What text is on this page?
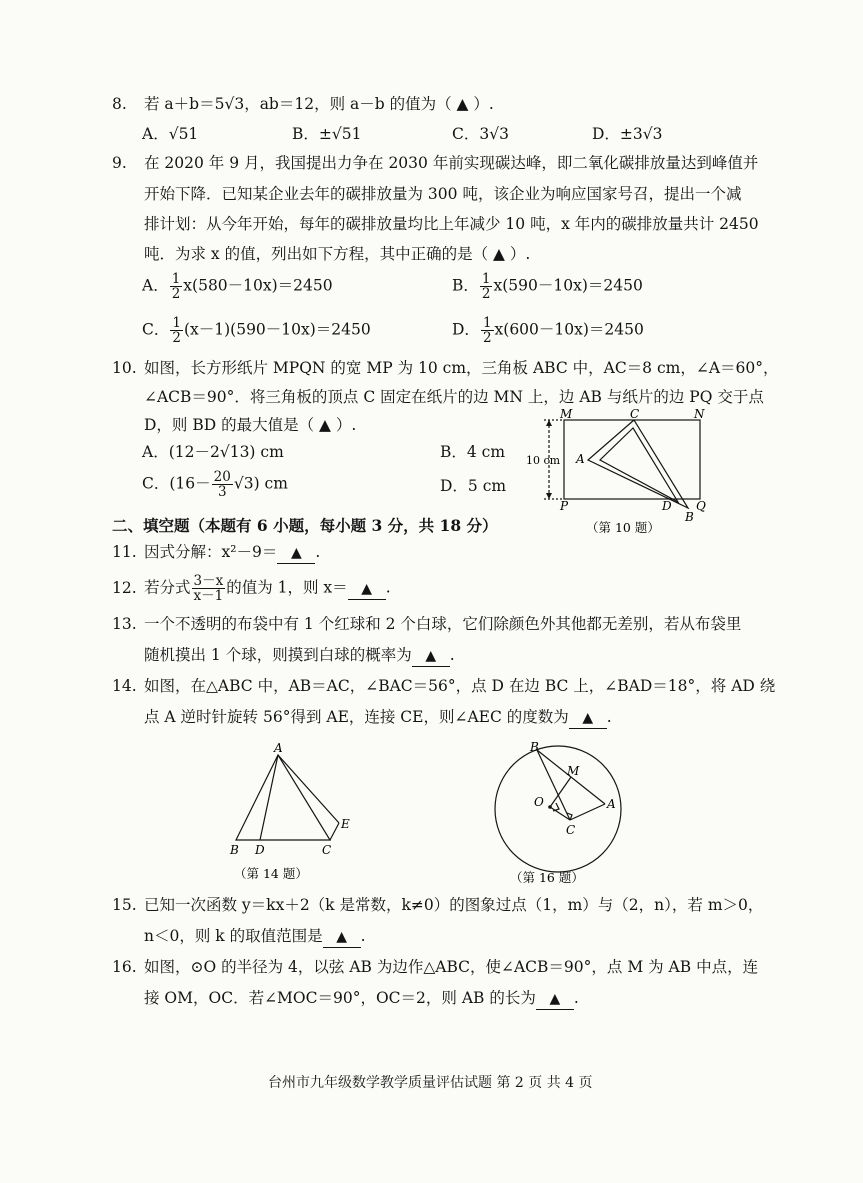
8. 若 a＋b＝5√3，ab＝12，则 a－b 的值为（ ▲ ）.
A．√51	B．±√51	C．3√3	D．±3√3
9. 在 2020 年 9 月，我国提出力争在 2030 年前实现碳达峰，即二氧化碳排放量达到峰值并
开始下降．已知某企业去年的碳排放量为 300 吨，该企业为响应国家号召，提出一个减
排计划：从今年开始，每年的碳排放量均比上年减少 10 吨，x 年内的碳排放量共计 2450
吨．为求 x 的值，列出如下方程，其中正确的是（ ▲ ）.
A． $\frac{1}{2} x(580-10x)=2450$	B． $\frac{1}{2} x(590-10x)=2450$
C． $\frac{1}{2} (x-1)(590-10x)=2450$	D． $\frac{1}{2} x(600-10x)=2450$
10. 如图，长方形纸片 MPQN 的宽 MP 为 10 cm，三角板 ABC 中，AC＝8 cm，∠A＝60°，
∠ACB＝90°．将三角板的顶点 C 固定在纸片的边 MN 上，边 AB 与纸片的边 PQ 交于点
D，则 BD 的最大值是（ ▲ ）.
A．(12－2√13) cm	B．4 cm
C．$(16- \frac{20}{3} √3)$ cm	D．5 cm
M	C	N
A
10 cm
P	D Q
B
（第 10 题）
二、填空题（本题有 6 小题，每小题 3 分，共 18 分）
11. 因式分解：x²－9＝ ▲ .
12. 若分式 $\frac{3-x}{x-1}$ 的值为 1，则 x＝ ▲ .
13. 一个不透明的布袋中有 1 个红球和 2 个白球，它们除颜色外其他都无差别，若从布袋里
随机摸出 1 个球，则摸到白球的概率为 ▲ .
14. 如图，在△ABC 中，AB＝AC，∠BAC＝56°，点 D 在边 BC 上，∠BAD＝18°，将 AD 绕
点 A 逆时针旋转 56°得到 AE，连接 CE，则∠AEC 的度数为 ▲ .
A
E
B D	C
（第 14 题）
B
M
O	A
C
（第 16 题）
15. 已知一次函数 y＝kx＋2（k 是常数，k≠0）的图象过点（1，m）与（2，n），若 m＞0，
n＜0，则 k 的取值范围是 ▲ .
16. 如图，⊙O 的半径为 4，以弦 AB 为边作△ABC，使∠ACB＝90°，点 M 为 AB 中点，连
接 OM，OC．若∠MOC＝90°，OC＝2，则 AB 的长为 ▲ .
台州市九年级数学教学质量评估试题 第 2 页 共 4 页
